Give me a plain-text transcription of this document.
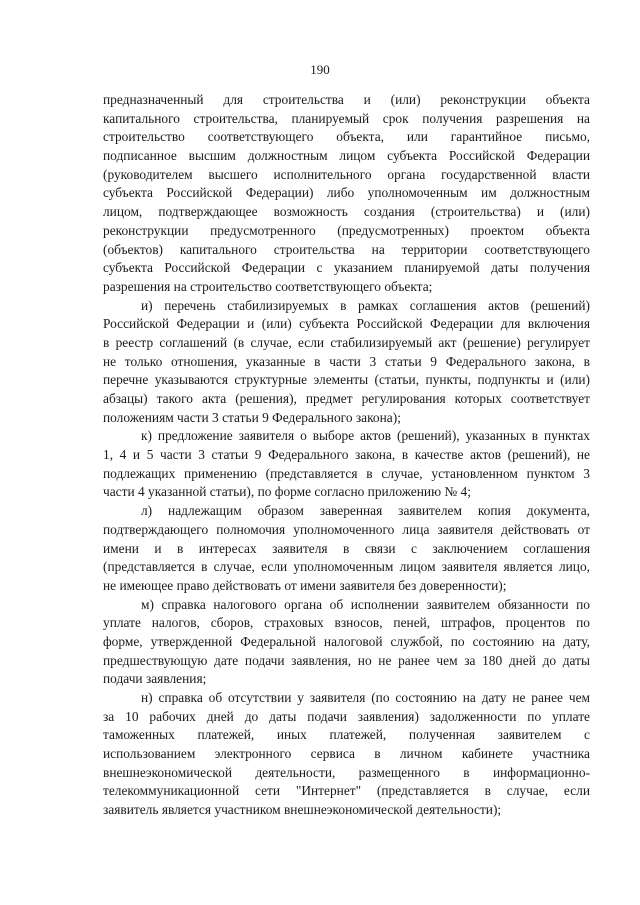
190
предназначенный для строительства и (или) реконструкции объекта
капитального строительства, планируемый срок получения разрешения на
строительство соответствующего объекта, или гарантийное письмо,
подписанное высшим должностным лицом субъекта Российской Федерации
(руководителем высшего исполнительного органа государственной власти
субъекта Российской Федерации) либо уполномоченным им должностным
лицом, подтверждающее возможность создания (строительства) и (или)
реконструкции предусмотренного (предусмотренных) проектом объекта
(объектов) капитального строительства на территории соответствующего
субъекта Российской Федерации с указанием планируемой даты получения
разрешения на строительство соответствующего объекта;
и) перечень стабилизируемых в рамках соглашения актов (решений)
Российской Федерации и (или) субъекта Российской Федерации для включения
в реестр соглашений (в случае, если стабилизируемый акт (решение) регулирует
не только отношения, указанные в части 3 статьи 9 Федерального закона, в
перечне указываются структурные элементы (статьи, пункты, подпункты и (или)
абзацы) такого акта (решения), предмет регулирования которых соответствует
положениям части 3 статьи 9 Федерального закона);
к) предложение заявителя о выборе актов (решений), указанных в пунктах
1, 4 и 5 части 3 статьи 9 Федерального закона, в качестве актов (решений), не
подлежащих применению (представляется в случае, установленном пунктом 3
части 4 указанной статьи), по форме согласно приложению № 4;
л) надлежащим образом заверенная заявителем копия документа,
подтверждающего полномочия уполномоченного лица заявителя действовать от
имени и в интересах заявителя в связи с заключением соглашения
(представляется в случае, если уполномоченным лицом заявителя является лицо,
не имеющее право действовать от имени заявителя без доверенности);
м) справка налогового органа об исполнении заявителем обязанности по
уплате налогов, сборов, страховых взносов, пеней, штрафов, процентов по
форме, утвержденной Федеральной налоговой службой, по состоянию на дату,
предшествующую дате подачи заявления, но не ранее чем за 180 дней до даты
подачи заявления;
н) справка об отсутствии у заявителя (по состоянию на дату не ранее чем
за 10 рабочих дней до даты подачи заявления) задолженности по уплате
таможенных платежей, иных платежей, полученная заявителем с
использованием электронного сервиса в личном кабинете участника
внешнеэкономической деятельности, размещенного в информационно-
телекоммуникационной сети "Интернет" (представляется в случае, если
заявитель является участником внешнеэкономической деятельности);
